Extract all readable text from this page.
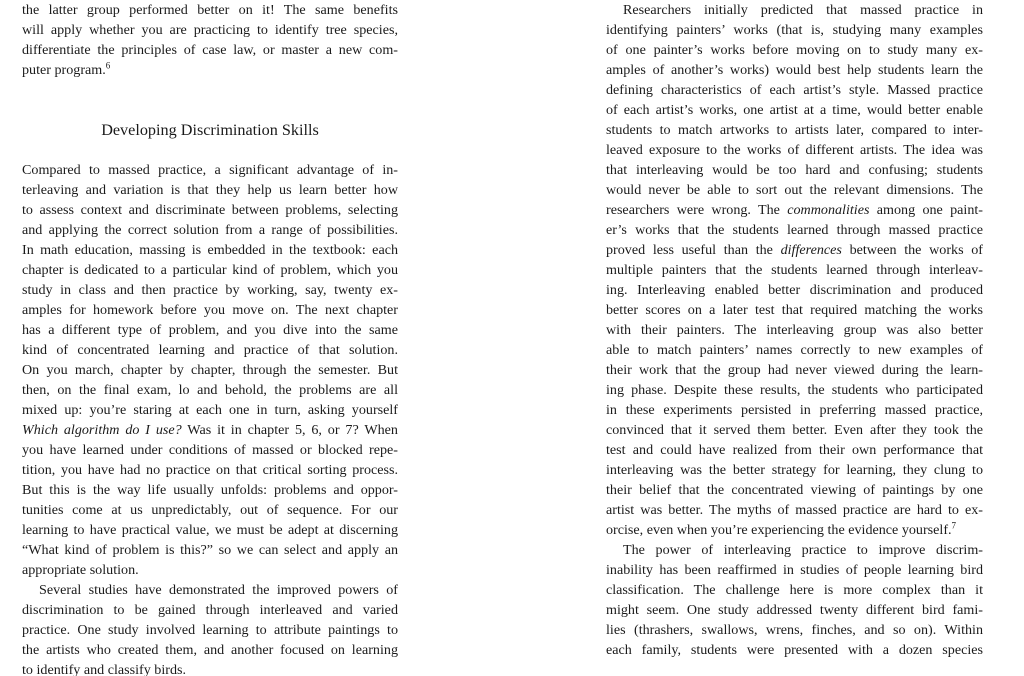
the latter group performed better on it! The same benefits
will apply whether you are practicing to identify tree species,
differentiate the principles of case law, or master a new com-
puter program.$^6$
Developing Discrimination Skills
Compared to massed practice, a significant advantage of in-
terleaving and variation is that they help us learn better how
to assess context and discriminate between problems, selecting
and applying the correct solution from a range of possibilities.
In math education, massing is embedded in the textbook: each
chapter is dedicated to a particular kind of problem, which you
study in class and then practice by working, say, twenty ex-
amples for homework before you move on. The next chapter
has a different type of problem, and you dive into the same
kind of concentrated learning and practice of that solution.
On you march, chapter by chapter, through the semester. But
then, on the final exam, lo and behold, the problems are all
mixed up: you’re staring at each one in turn, asking yourself
Which algorithm do I use? Was it in chapter 5, 6, or 7? When
you have learned under conditions of massed or blocked repe-
tition, you have had no practice on that critical sorting process.
But this is the way life usually unfolds: problems and oppor-
tunities come at us unpredictably, out of sequence. For our
learning to have practical value, we must be adept at discerning
“What kind of problem is this?” so we can select and apply an
appropriate solution.
Several studies have demonstrated the improved powers of
discrimination to be gained through interleaved and varied
practice. One study involved learning to attribute paintings to
the artists who created them, and another focused on learning
to identify and classify birds.
Researchers initially predicted that massed practice in
identifying painters’ works (that is, studying many examples
of one painter’s works before moving on to study many ex-
amples of another’s works) would best help students learn the
defining characteristics of each artist’s style. Massed practice
of each artist’s works, one artist at a time, would better enable
students to match artworks to artists later, compared to inter-
leaved exposure to the works of different artists. The idea was
that interleaving would be too hard and confusing; students
would never be able to sort out the relevant dimensions. The
researchers were wrong. The commonalities among one paint-
er’s works that the students learned through massed practice
proved less useful than the differences between the works of
multiple painters that the students learned through interleav-
ing. Interleaving enabled better discrimination and produced
better scores on a later test that required matching the works
with their painters. The interleaving group was also better
able to match painters’ names correctly to new examples of
their work that the group had never viewed during the learn-
ing phase. Despite these results, the students who participated
in these experiments persisted in preferring massed practice,
convinced that it served them better. Even after they took the
test and could have realized from their own performance that
interleaving was the better strategy for learning, they clung to
their belief that the concentrated viewing of paintings by one
artist was better. The myths of massed practice are hard to ex-
orcise, even when you’re experiencing the evidence yourself.$^7$
The power of interleaving practice to improve discrim-
inability has been reaffirmed in studies of people learning bird
classification. The challenge here is more complex than it
might seem. One study addressed twenty different bird fami-
lies (thrashers, swallows, wrens, finches, and so on). Within
each family, students were presented with a dozen species
